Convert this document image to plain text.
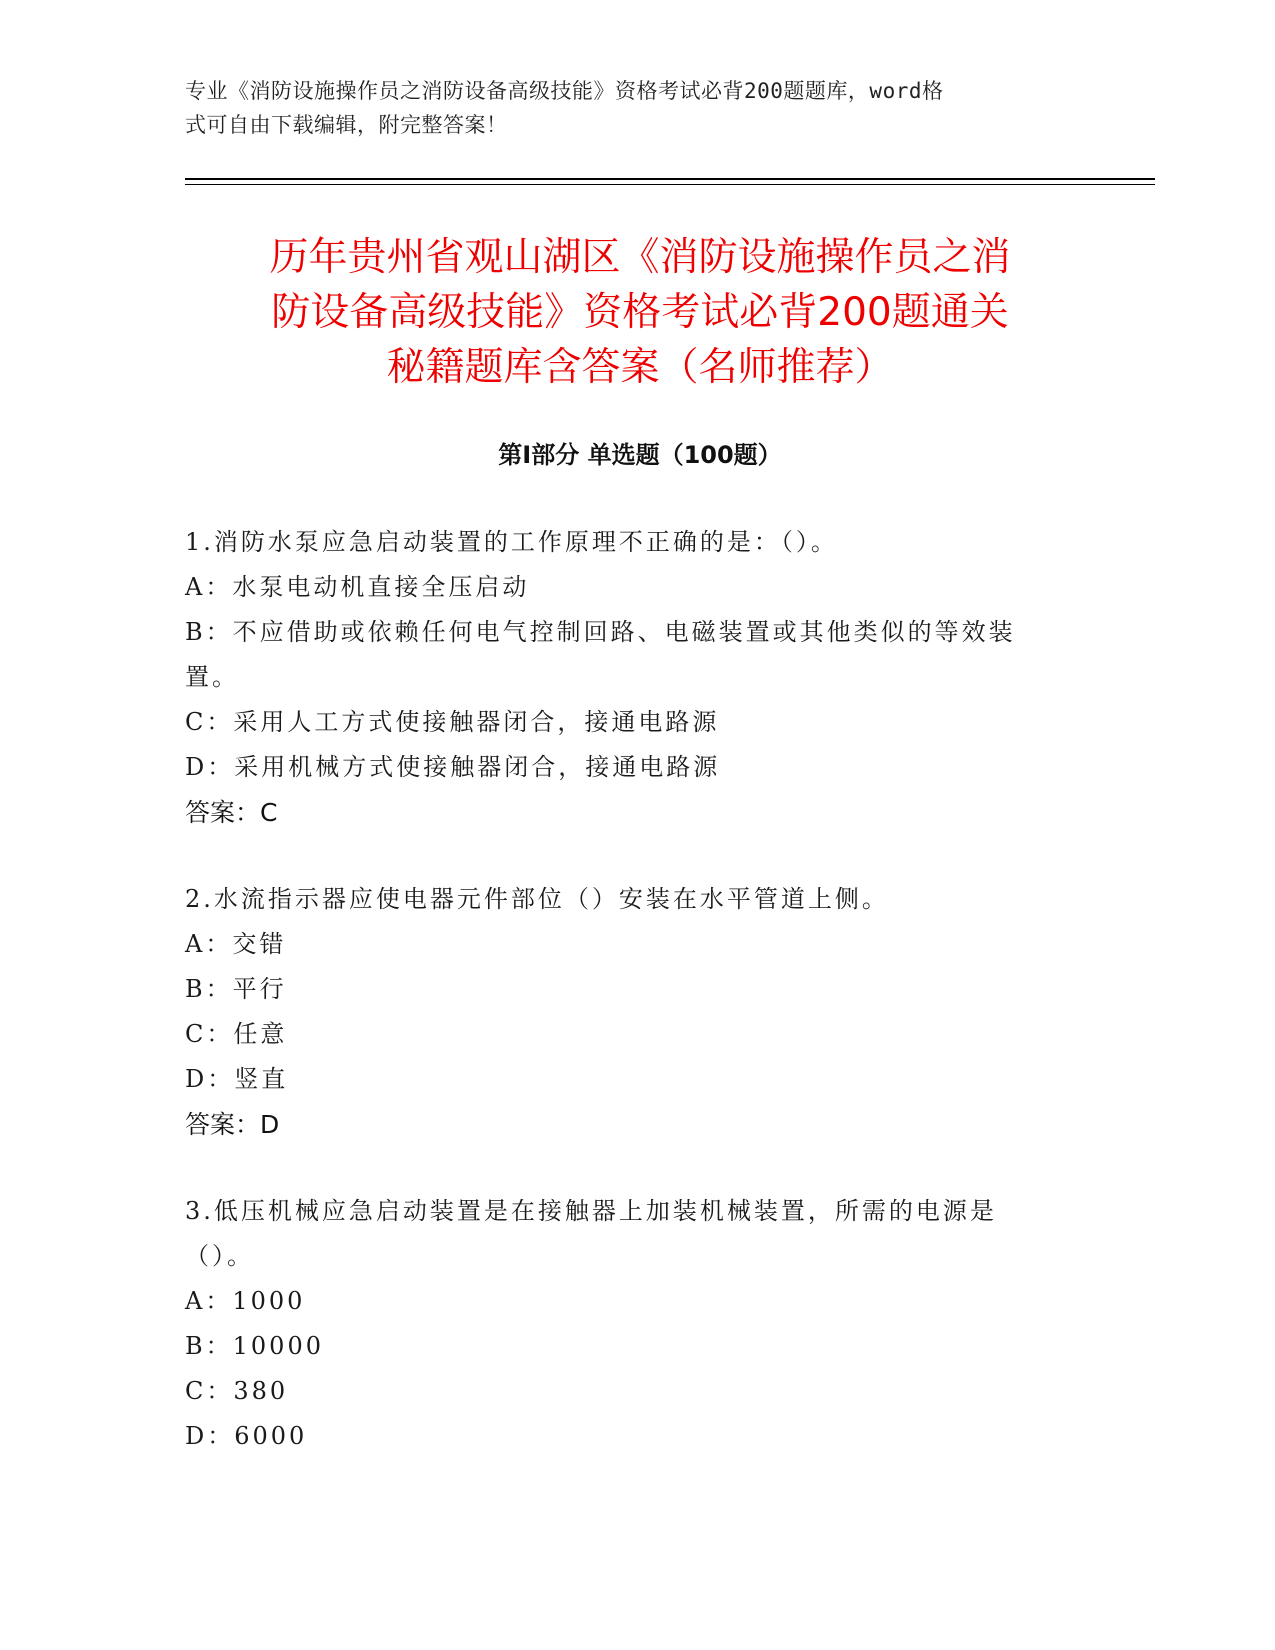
专业《消防设施操作员之消防设备高级技能》资格考试必背200题题库，word格
式可自由下载编辑，附完整答案！
历年贵州省观山湖区《消防设施操作员之消
防设备高级技能》资格考试必背200题通关
秘籍题库含答案（名师推荐）
第Ⅰ部分 单选题（100题）

1.消防水泵应急启动装置的工作原理不正确的是：（）。

A：水泵电动机直接全压启动

B：不应借助或依赖任何电气控制回路、电磁装置或其他类似的等效装

置。

C：采用人工方式使接触器闭合，接通电路源

D：采用机械方式使接触器闭合，接通电路源

答案：C

2.水流指示器应使电器元件部位（）安装在水平管道上侧。

A：交错

B：平行

C：任意

D：竖直

答案：D

3.低压机械应急启动装置是在接触器上加装机械装置，所需的电源是

（）。

A：1000

B：10000

C：380

D：6000
